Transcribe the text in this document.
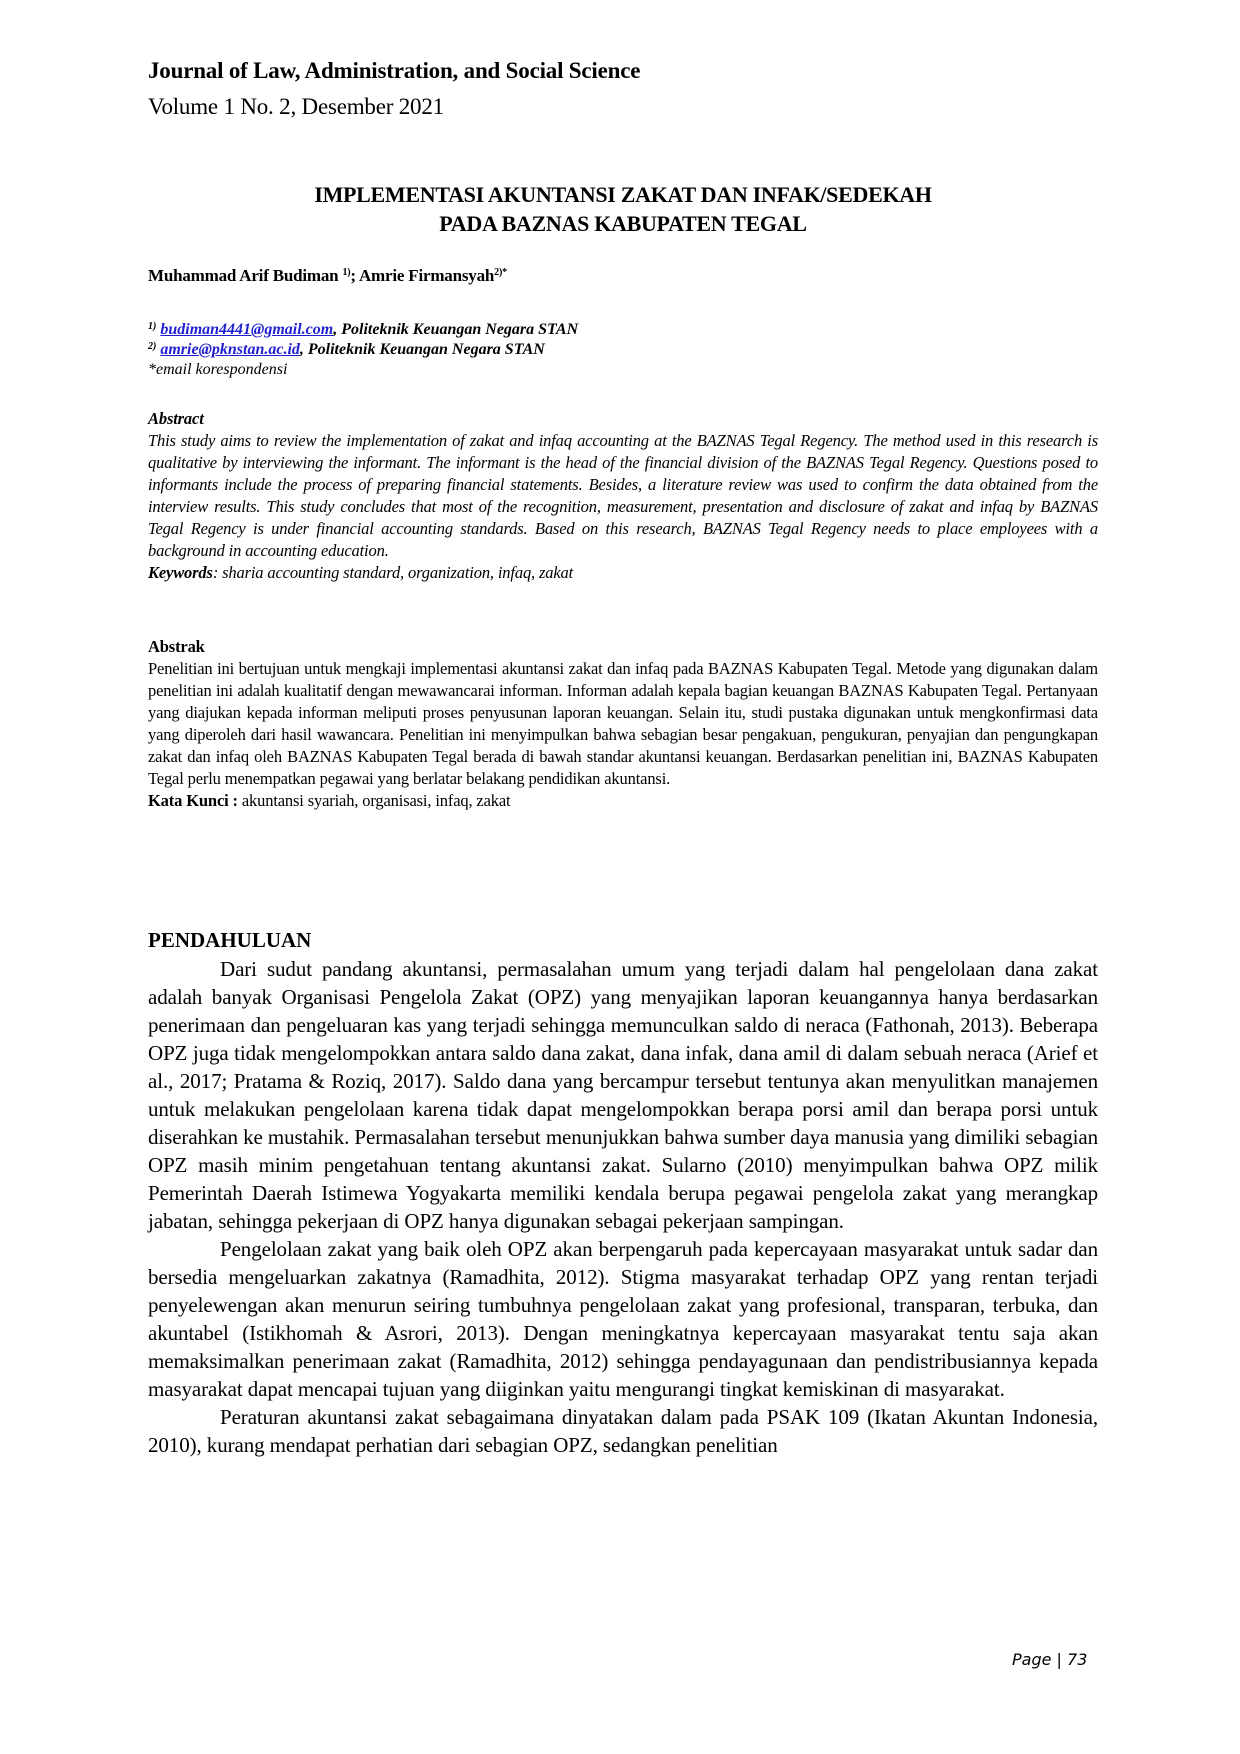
Journal of Law, Administration, and Social Science
Volume 1 No. 2, Desember 2021
IMPLEMENTASI AKUNTANSI ZAKAT DAN INFAK/SEDEKAH
PADA BAZNAS KABUPATEN TEGAL
Muhammad Arif Budiman $^{1)}$; Amrie Firmansyah$^{2)*}$
$^{1)}$ budiman4441@gmail.com, Politeknik Keuangan Negara STAN
$^{2)}$ amrie@pknstan.ac.id, Politeknik Keuangan Negara STAN
*email korespondensi
Abstract
This study aims to review the implementation of zakat and infaq accounting at the BAZNAS Tegal Regency. The method used in this research is qualitative by interviewing the informant. The informant is the head of the financial division of the BAZNAS Tegal Regency. Questions posed to informants include the process of preparing financial statements. Besides, a literature review was used to confirm the data obtained from the interview results. This study concludes that most of the recognition, measurement, presentation and disclosure of zakat and infaq by BAZNAS Tegal Regency is under financial accounting standards. Based on this research, BAZNAS Tegal Regency needs to place employees with a background in accounting education.
Keywords: sharia accounting standard, organization, infaq, zakat
Abstrak
Penelitian ini bertujuan untuk mengkaji implementasi akuntansi zakat dan infaq pada BAZNAS Kabupaten Tegal. Metode yang digunakan dalam penelitian ini adalah kualitatif dengan mewawancarai informan. Informan adalah kepala bagian keuangan BAZNAS Kabupaten Tegal. Pertanyaan yang diajukan kepada informan meliputi proses penyusunan laporan keuangan. Selain itu, studi pustaka digunakan untuk mengkonfirmasi data yang diperoleh dari hasil wawancara. Penelitian ini menyimpulkan bahwa sebagian besar pengakuan, pengukuran, penyajian dan pengungkapan zakat dan infaq oleh BAZNAS Kabupaten Tegal berada di bawah standar akuntansi keuangan. Berdasarkan penelitian ini, BAZNAS Kabupaten Tegal perlu menempatkan pegawai yang berlatar belakang pendidikan akuntansi.
Kata Kunci : akuntansi syariah, organisasi, infaq, zakat
PENDAHULUAN

Dari sudut pandang akuntansi, permasalahan umum yang terjadi dalam hal pengelolaan dana zakat adalah banyak Organisasi Pengelola Zakat (OPZ) yang menyajikan laporan keuangannya hanya berdasarkan penerimaan dan pengeluaran kas yang terjadi sehingga memunculkan saldo di neraca (Fathonah, 2013). Beberapa OPZ juga tidak mengelompokkan antara saldo dana zakat, dana infak, dana amil di dalam sebuah neraca (Arief et al., 2017; Pratama & Roziq, 2017). Saldo dana yang bercampur tersebut tentunya akan menyulitkan manajemen untuk melakukan pengelolaan karena tidak dapat mengelompokkan berapa porsi amil dan berapa porsi untuk diserahkan ke mustahik. Permasalahan tersebut menunjukkan bahwa sumber daya manusia yang dimiliki sebagian OPZ masih minim pengetahuan tentang akuntansi zakat. Sularno (2010) menyimpulkan bahwa OPZ milik Pemerintah Daerah Istimewa Yogyakarta memiliki kendala berupa pegawai pengelola zakat yang merangkap jabatan, sehingga pekerjaan di OPZ hanya digunakan sebagai pekerjaan sampingan.

Pengelolaan zakat yang baik oleh OPZ akan berpengaruh pada kepercayaan masyarakat untuk sadar dan bersedia mengeluarkan zakatnya (Ramadhita, 2012). Stigma masyarakat terhadap OPZ yang rentan terjadi penyelewengan akan menurun seiring tumbuhnya pengelolaan zakat yang profesional, transparan, terbuka, dan akuntabel (Istikhomah & Asrori, 2013). Dengan meningkatnya kepercayaan masyarakat tentu saja akan memaksimalkan penerimaan zakat (Ramadhita, 2012) sehingga pendayagunaan dan pendistribusiannya kepada masyarakat dapat mencapai tujuan yang diiginkan yaitu mengurangi tingkat kemiskinan di masyarakat.

Peraturan akuntansi zakat sebagaimana dinyatakan dalam pada PSAK 109 (Ikatan Akuntan Indonesia, 2010), kurang mendapat perhatian dari sebagian OPZ, sedangkan penelitian

Page | 73
